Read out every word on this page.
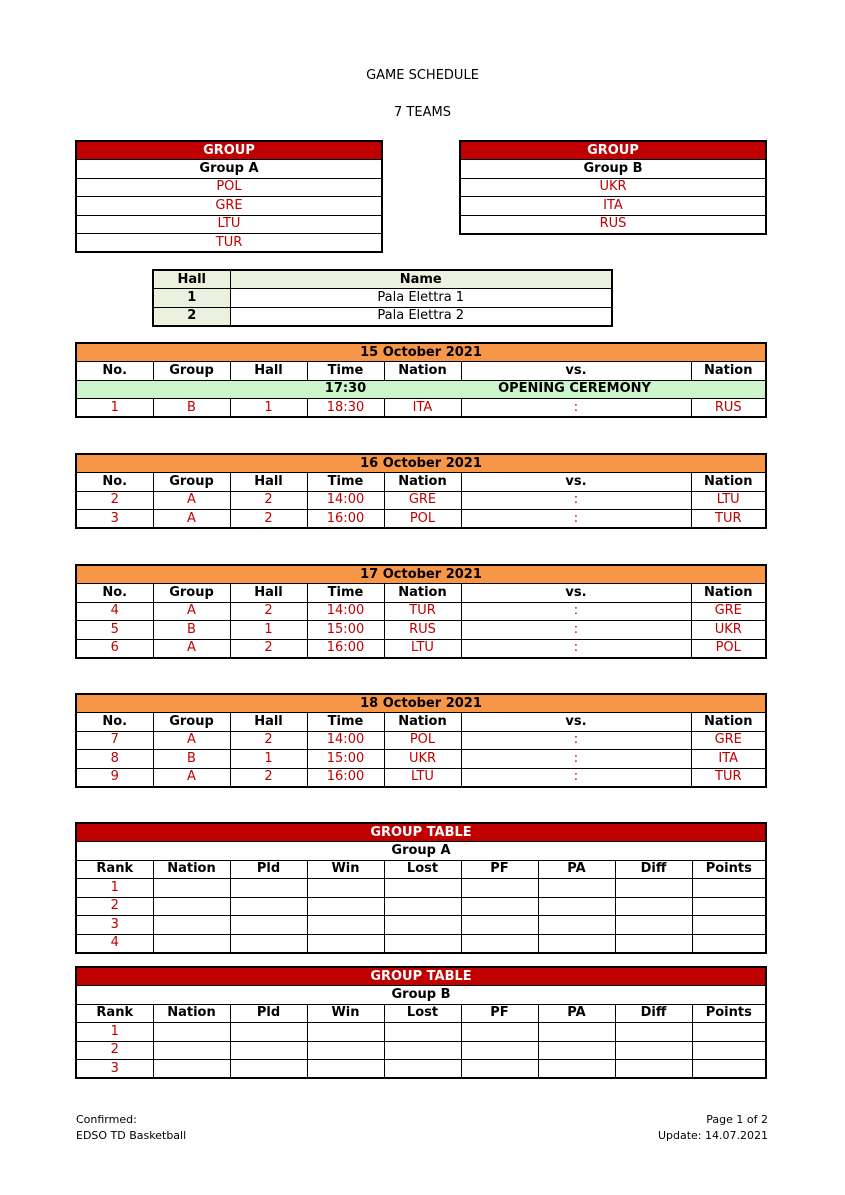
GAME SCHEDULE
7 TEAMS
GROUP
Group A
POL
GRE
LTU
TUR
GROUP
Group B
UKR
ITA
RUS
Hall	Name
1	Pala Elettra 1
2	Pala Elettra 2
15 October 2021						
No.	Group	Hall	Time	Nation	vs.	Nation
			17:30	OPENING CEREMONY		
1	B	1	18:30	ITA	:	RUS
16 October 2021						
No.	Group	Hall	Time	Nation	vs.	Nation
2	A	2	14:00	GRE	:	LTU
3	A	2	16:00	POL	:	TUR
17 October 2021						
No.	Group	Hall	Time	Nation	vs.	Nation
4	A	2	14:00	TUR	:	GRE
5	B	1	15:00	RUS	:	UKR
6	A	2	16:00	LTU	:	POL
18 October 2021						
No.	Group	Hall	Time	Nation	vs.	Nation
7	A	2	14:00	POL	:	GRE
8	B	1	15:00	UKR	:	ITA
9	A	2	16:00	LTU	:	TUR
GROUP TABLE								
Group A								
Rank	Nation	Pld	Win	Lost	PF	PA	Diff	Points
1								
2								
3								
4								
GROUP TABLE								
Group B								
Rank	Nation	Pld	Win	Lost	PF	PA	Diff	Points
1								
2								
3								
Confirmed:
EDSO TD Basketball
Page 1 of 2
Update: 14.07.2021
